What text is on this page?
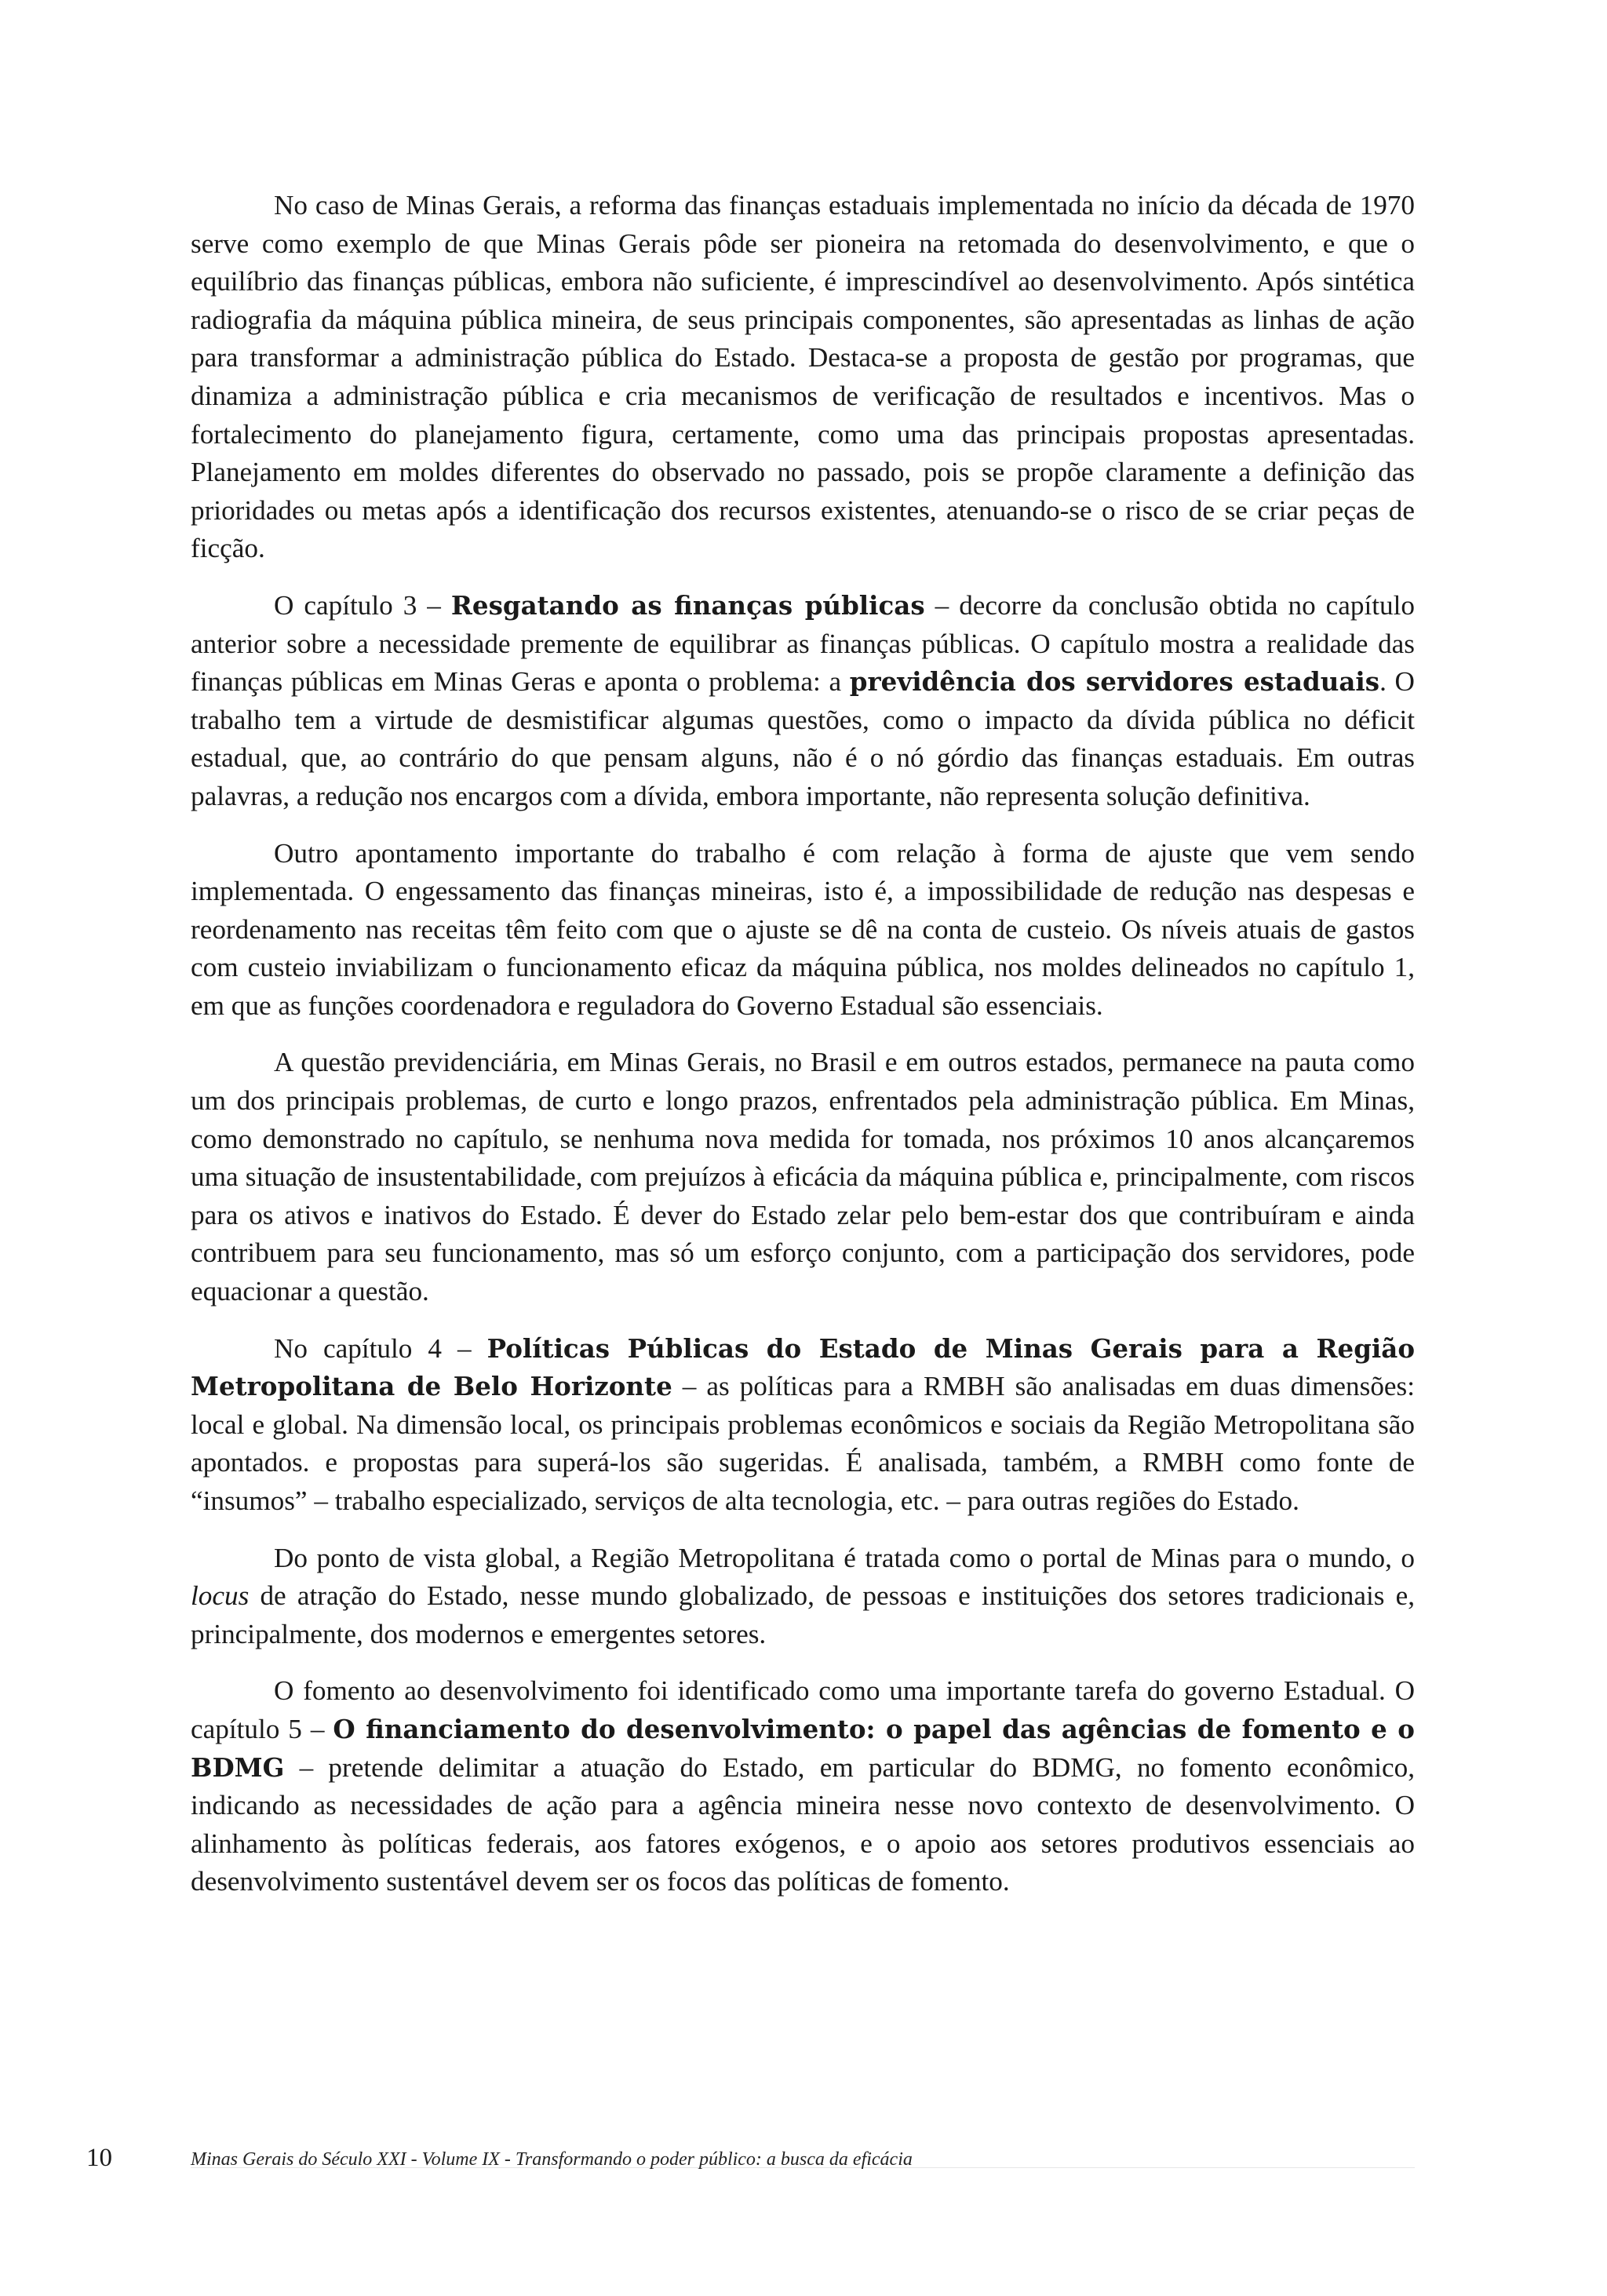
No caso de Minas Gerais, a reforma das finanças estaduais implementada no início da década de 1970 serve como exemplo de que Minas Gerais pôde ser pioneira na retomada do desenvolvimento, e que o equilíbrio das finanças públicas, embora não suficiente, é imprescindível ao desenvolvimento. Após sintética radiografia da máquina pública mineira, de seus principais componentes, são apresentadas as linhas de ação para transformar a administração pública do Estado. Destaca-se a proposta de gestão por programas, que dinamiza a administração pública e cria mecanismos de verificação de resultados e incentivos. Mas o fortalecimento do planejamento figura, certamente, como uma das principais propostas apresentadas. Planejamento em moldes diferentes do observado no passado, pois se propõe claramente a definição das prioridades ou metas após a identificação dos recursos existentes, atenuando-se o risco de se criar peças de ficção.

O capítulo 3 – Resgatando as finanças públicas – decorre da conclusão obtida no capítulo anterior sobre a necessidade premente de equilibrar as finanças públicas. O capítulo mostra a realidade das finanças públicas em Minas Geras e aponta o problema: a previdência dos servidores estaduais. O trabalho tem a virtude de desmistificar algumas questões, como o impacto da dívida pública no déficit estadual, que, ao contrário do que pensam alguns, não é o nó górdio das finanças estaduais. Em outras palavras, a redução nos encargos com a dívida, embora importante, não representa solução definitiva.

Outro apontamento importante do trabalho é com relação à forma de ajuste que vem sendo implementada. O engessamento das finanças mineiras, isto é, a impossibilidade de redução nas despesas e reordenamento nas receitas têm feito com que o ajuste se dê na conta de custeio. Os níveis atuais de gastos com custeio inviabilizam o funcionamento eficaz da máquina pública, nos moldes delineados no capítulo 1, em que as funções coordenadora e reguladora do Governo Estadual são essenciais.

A questão previdenciária, em Minas Gerais, no Brasil e em outros estados, permanece na pauta como um dos principais problemas, de curto e longo prazos, enfrentados pela administração pública. Em Minas, como demonstrado no capítulo, se nenhuma nova medida for tomada, nos próximos 10 anos alcançaremos uma situação de insustentabilidade, com prejuízos à eficácia da máquina pública e, principalmente, com riscos para os ativos e inativos do Estado. É dever do Estado zelar pelo bem-estar dos que contribuíram e ainda contribuem para seu funcionamento, mas só um esforço conjunto, com a participação dos servidores, pode equacionar a questão.

No capítulo 4 – Políticas Públicas do Estado de Minas Gerais para a Região Metropolitana de Belo Horizonte – as políticas para a RMBH são analisadas em duas dimensões: local e global. Na dimensão local, os principais problemas econômicos e sociais da Região Metropolitana são apontados. e propostas para superá-los são sugeridas. É analisada, também, a RMBH como fonte de “insumos” – trabalho especializado, serviços de alta tecnologia, etc. – para outras regiões do Estado.

Do ponto de vista global, a Região Metropolitana é tratada como o portal de Minas para o mundo, o locus de atração do Estado, nesse mundo globalizado, de pessoas e instituições dos setores tradicionais e, principalmente, dos modernos e emergentes setores.

O fomento ao desenvolvimento foi identificado como uma importante tarefa do governo Estadual. O capítulo 5 – O financiamento do desenvolvimento: o papel das agências de fomento e o BDMG – pretende delimitar a atuação do Estado, em particular do BDMG, no fomento econômico, indicando as necessidades de ação para a agência mineira nesse novo contexto de desenvolvimento. O alinhamento às políticas federais, aos fatores exógenos, e o apoio aos setores produtivos essenciais ao desenvolvimento sustentável devem ser os focos das políticas de fomento.

10	Minas Gerais do Século XXI - Volume IX - Transformando o poder público: a busca da eficácia
